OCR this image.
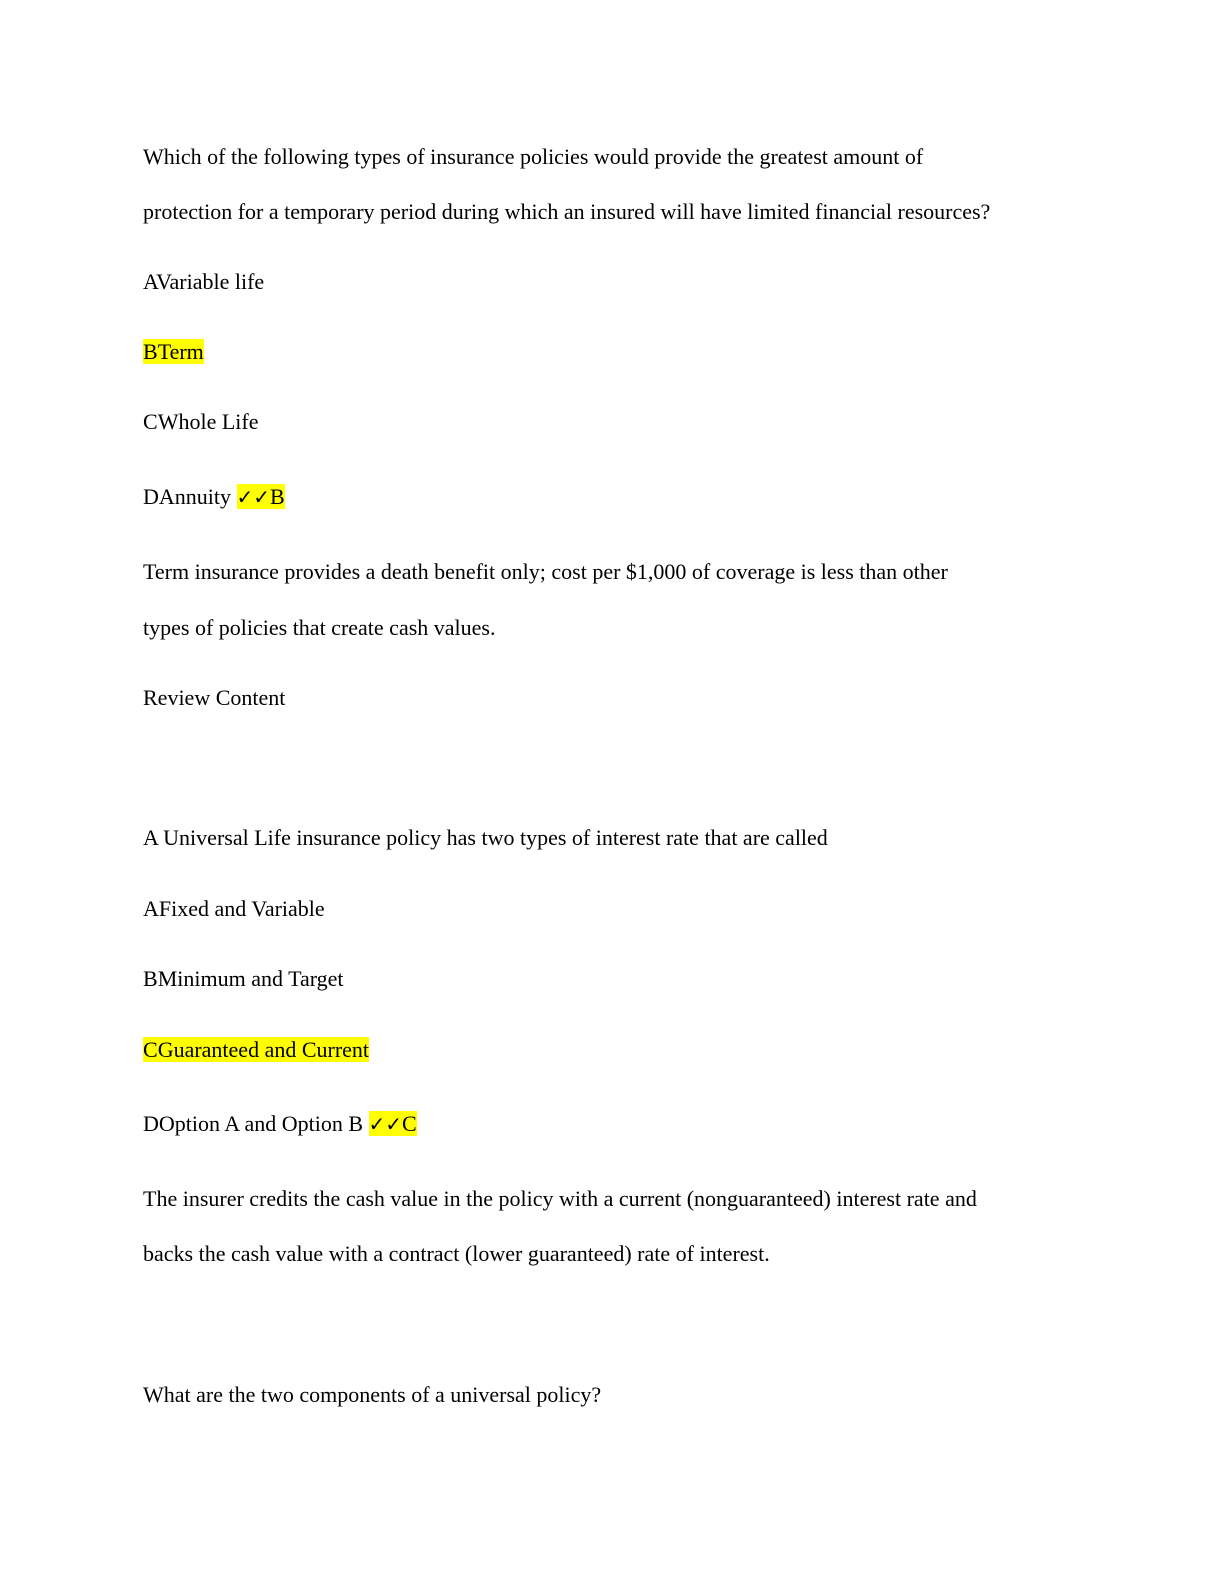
Which of the following types of insurance policies would provide the greatest amount of
protection for a temporary period during which an insured will have limited financial resources?
AVariable life
BTerm
CWhole Life
DAnnuity ✓✓B
Term insurance provides a death benefit only; cost per $1,000 of coverage is less than other
types of policies that create cash values.
Review Content
A Universal Life insurance policy has two types of interest rate that are called
AFixed and Variable
BMinimum and Target
CGuaranteed and Current
DOption A and Option B ✓✓C
The insurer credits the cash value in the policy with a current (nonguaranteed) interest rate and
backs the cash value with a contract (lower guaranteed) rate of interest.
What are the two components of a universal policy?
